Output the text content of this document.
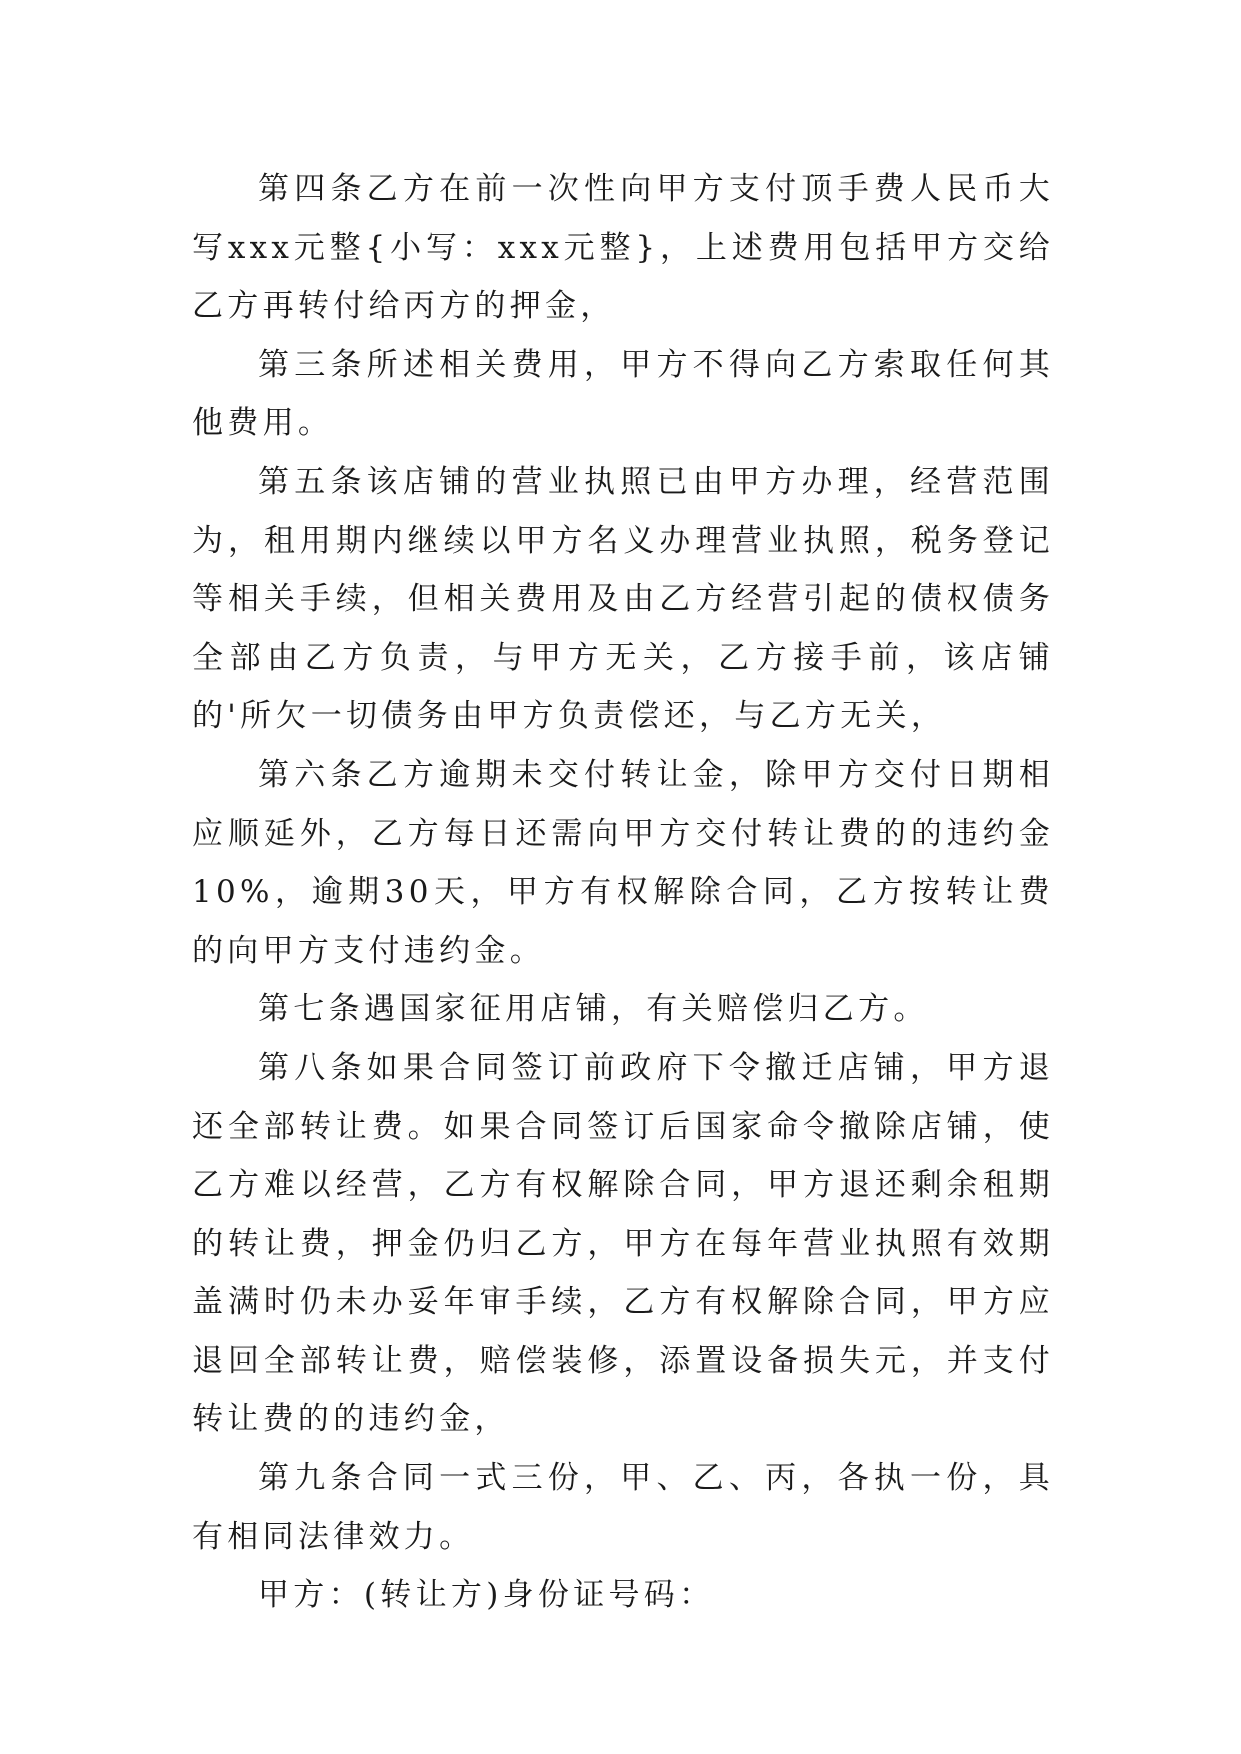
第四条乙方在前一次性向甲方支付顶手费人民币大写xxx元整{小写：xxx元整}，上述费用包括甲方交给乙方再转付给丙方的押金，

第三条所述相关费用，甲方不得向乙方索取任何其他费用。

第五条该店铺的营业执照已由甲方办理，经营范围为，租用期内继续以甲方名义办理营业执照，税务登记等相关手续，但相关费用及由乙方经营引起的债权债务全部由乙方负责，与甲方无关，乙方接手前，该店铺的'所欠一切债务由甲方负责偿还，与乙方无关，

第六条乙方逾期未交付转让金，除甲方交付日期相应顺延外，乙方每日还需向甲方交付转让费的的违约金10%，逾期30天，甲方有权解除合同，乙方按转让费的向甲方支付违约金。

第七条遇国家征用店铺，有关赔偿归乙方。

第八条如果合同签订前政府下令撤迁店铺，甲方退还全部转让费。如果合同签订后国家命令撤除店铺，使乙方难以经营，乙方有权解除合同，甲方退还剩余租期的转让费，押金仍归乙方，甲方在每年营业执照有效期盖满时仍未办妥年审手续，乙方有权解除合同，甲方应退回全部转让费，赔偿装修，添置设备损失元，并支付转让费的的违约金，

第九条合同一式三份，甲、乙、丙，各执一份，具有相同法律效力。

甲方：(转让方)身份证号码：
